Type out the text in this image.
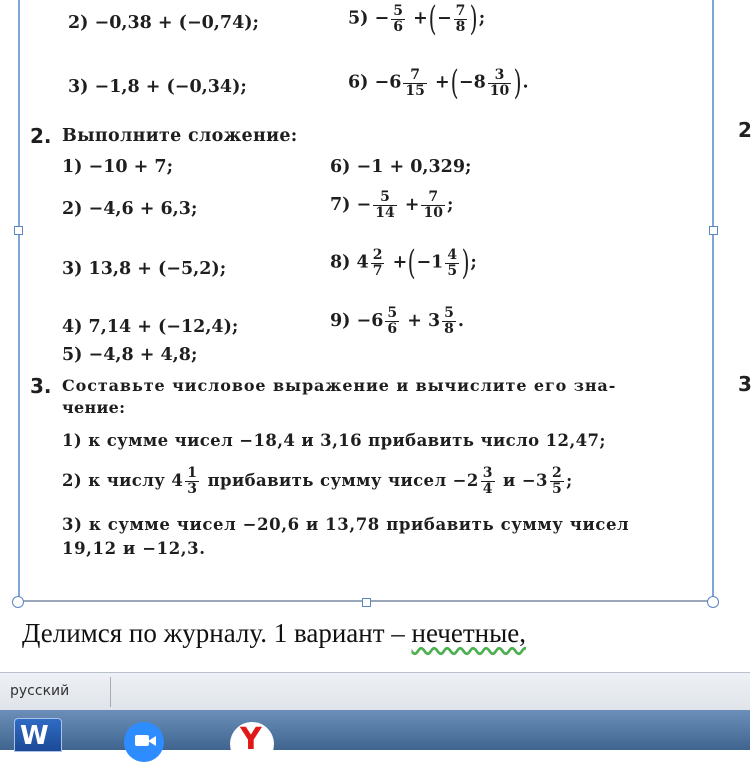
2) −0,38 + (−0,74);	$5) - \frac{5}{6}$ +(− $\frac{7}{8}$ );
3) −1,8 + (−0,34);	$6) -6 \frac{7}{15} +(-8 \frac{3}{10}$ ).
2. Выполните сложение:
1) −10 + 7;	6) −1 + 0,329;
2) −4,6 + 6,3;	$7) - \frac{5}{14} + \frac{7}{10}$ ;
3) 13,8 + (−5,2);	8) $4 \frac{2}{7} +(-1 \frac{4}{5}$ );
4) 7,14 + (−12,4);	$9) -6 \frac{5}{6} + 3 \frac{5}{8}$ .
5) −4,8 + 4,8;
3. Составьте числовое выражение и вычислите его зна-
чение:
1) к сумме чисел −18,4 и 3,16 прибавить число 12,47;
2) к числу $4 \frac{1}{3}$ прибавить сумму чисел $-2 \frac{3}{4}$ $и -3 \frac{2}{5}$ ;
3) к сумме чисел −20,6 и 13,78 прибавить сумму чисел
19,12 и −12,3.
2
3
Делимся по журналу. 1 вариант – нечетные,
русский
W	Y
